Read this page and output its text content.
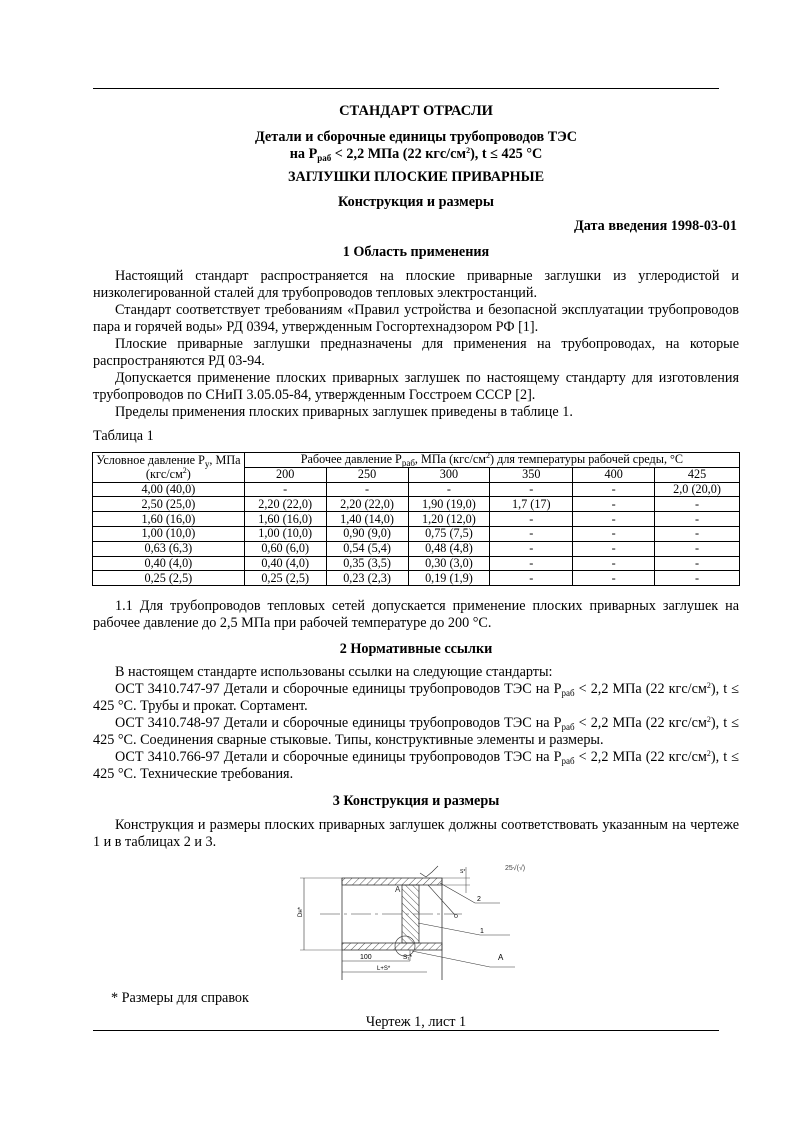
СТАНДАРТ ОТРАСЛИ
Детали и сборочные единицы трубопроводов ТЭС
на $P_{раб} < 2,2$ МПа (22 кгс/$см^2$), t ≤ 425 °С
ЗАГЛУШКИ ПЛОСКИЕ ПРИВАРНЫЕ
Конструкция и размеры
Дата введения 1998-03-01
1 Область применения
Настоящий стандарт распространяется на плоские приварные заглушки из углеродистой и низколегированной сталей для трубопроводов тепловых электростанций.
Стандарт соответствует требованиям «Правил устройства и безопасной эксплуатации трубопроводов пара и горячей воды» РД 0394, утвержденным Госгортехнадзором РФ [1].
Плоские приварные заглушки предназначены для применения на трубопроводах, на которые распространяются РД 03-94.
Допускается применение плоских приварных заглушек по настоящему стандарту для изготовления трубопроводов по СНиП 3.05.05-84, утвержденным Госстроем СССР [2].
Пределы применения плоских приварных заглушек приведены в таблице 1.
Таблица 1
Условное давление $P_у$, МПа
$(кгс/см^2)$	Рабочее давление $P_{раб}$, МПа $(кгс/см^2)$ для температуры рабочей среды, °С					
	200	250	300	350	400	425
4,00 (40,0)	-	-	-	-	-	2,0 (20,0)
2,50 (25,0)	2,20 (22,0)	2,20 (22,0)	1,90 (19,0)	1,7 (17)	-	-
1,60 (16,0)	1,60 (16,0)	1,40 (14,0)	1,20 (12,0)	-	-	-
1,00 (10,0)	1,00 (10,0)	0,90 (9,0)	0,75 (7,5)	-	-	-
0,63 (6,3)	0,60 (6,0)	0,54 (5,4)	0,48 (4,8)	-	-	-
0,40 (4,0)	0,40 (4,0)	0,35 (3,5)	0,30 (3,0)	-	-	-
0,25 (2,5)	0,25 (2,5)	0,23 (2,3)	0,19 (1,9)	-	-	-
1.1 Для трубопроводов тепловых сетей допускается применение плоских приварных заглушек на рабочее давление до 2,5 МПа при рабочей температуре до 200 °С.
2 Нормативные ссылки
В настоящем стандарте использованы ссылки на следующие стандарты:
ОСТ 3410.747-97 Детали и сборочные единицы трубопроводов ТЭС на $P_{раб} < 2,2$ МПа (22 кгс/$см^2$), t ≤ 425 °С. Трубы и прокат. Сортамент.
ОСТ 3410.748-97 Детали и сборочные единицы трубопроводов ТЭС на $P_{раб} < 2,2$ МПа (22 кгс/$см^2$), t ≤ 425 °С. Соединения сварные стыковые. Типы, конструктивные элементы и размеры.
ОСТ 3410.766-97 Детали и сборочные единицы трубопроводов ТЭС на $P_{раб} < 2,2$ МПа (22 кгс/$см^2$), t ≤ 425 °С. Технические требования.
3 Конструкция и размеры
Конструкция и размеры плоских приварных заглушек должны соответствовать указанным на чертеже 1 и в таблицах 2 и 3.
Dн*
A
100	S₁*
L+S*
S*
2
1
A
25√(√)
* Размеры для справок
Чертеж 1, лист 1
